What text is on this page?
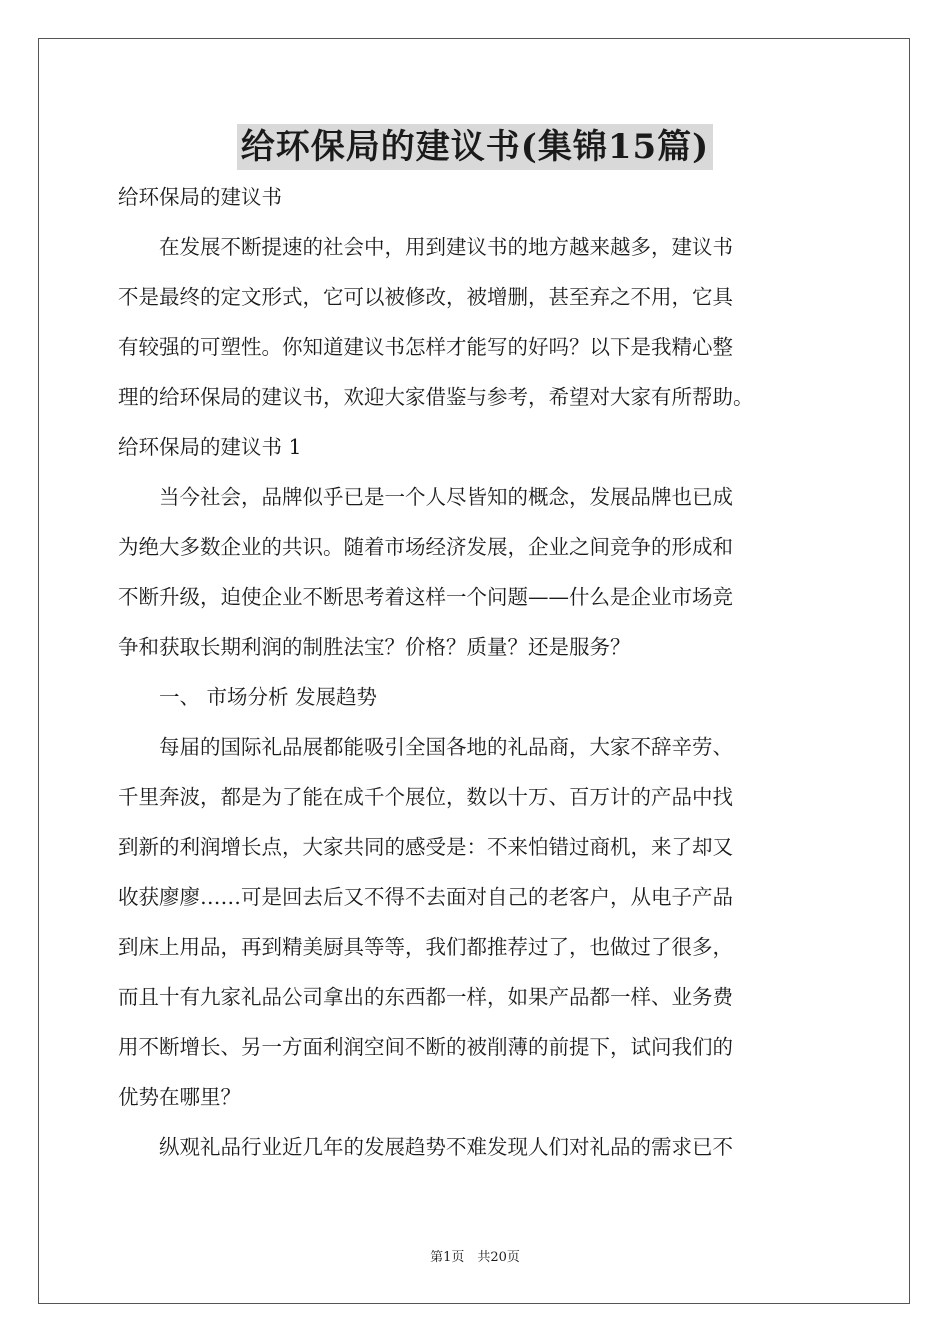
给环保局的建议书(集锦15篇)

给环保局的建议书

在发展不断提速的社会中，用到建议书的地方越来越多，建议书

不是最终的定文形式，它可以被修改，被增删，甚至弃之不用，它具

有较强的可塑性。你知道建议书怎样才能写的好吗？以下是我精心整

理的给环保局的建议书，欢迎大家借鉴与参考，希望对大家有所帮助。

给环保局的建议书 1

当今社会，品牌似乎已是一个人尽皆知的概念，发展品牌也已成

为绝大多数企业的共识。随着市场经济发展，企业之间竞争的形成和

不断升级，迫使企业不断思考着这样一个问题——什么是企业市场竞

争和获取长期利润的制胜法宝？价格？质量？还是服务？

一、 市场分析 发展趋势

每届的国际礼品展都能吸引全国各地的礼品商，大家不辞辛劳、

千里奔波，都是为了能在成千个展位，数以十万、百万计的产品中找

到新的利润增长点，大家共同的感受是：不来怕错过商机，来了却又

收获廖廖……可是回去后又不得不去面对自己的老客户，从电子产品

到床上用品，再到精美厨具等等，我们都推荐过了，也做过了很多，

而且十有九家礼品公司拿出的东西都一样，如果产品都一样、业务费

用不断增长、另一方面利润空间不断的被削薄的前提下，试问我们的

优势在哪里？

纵观礼品行业近几年的发展趋势不难发现人们对礼品的需求已不

第1页　共20页
